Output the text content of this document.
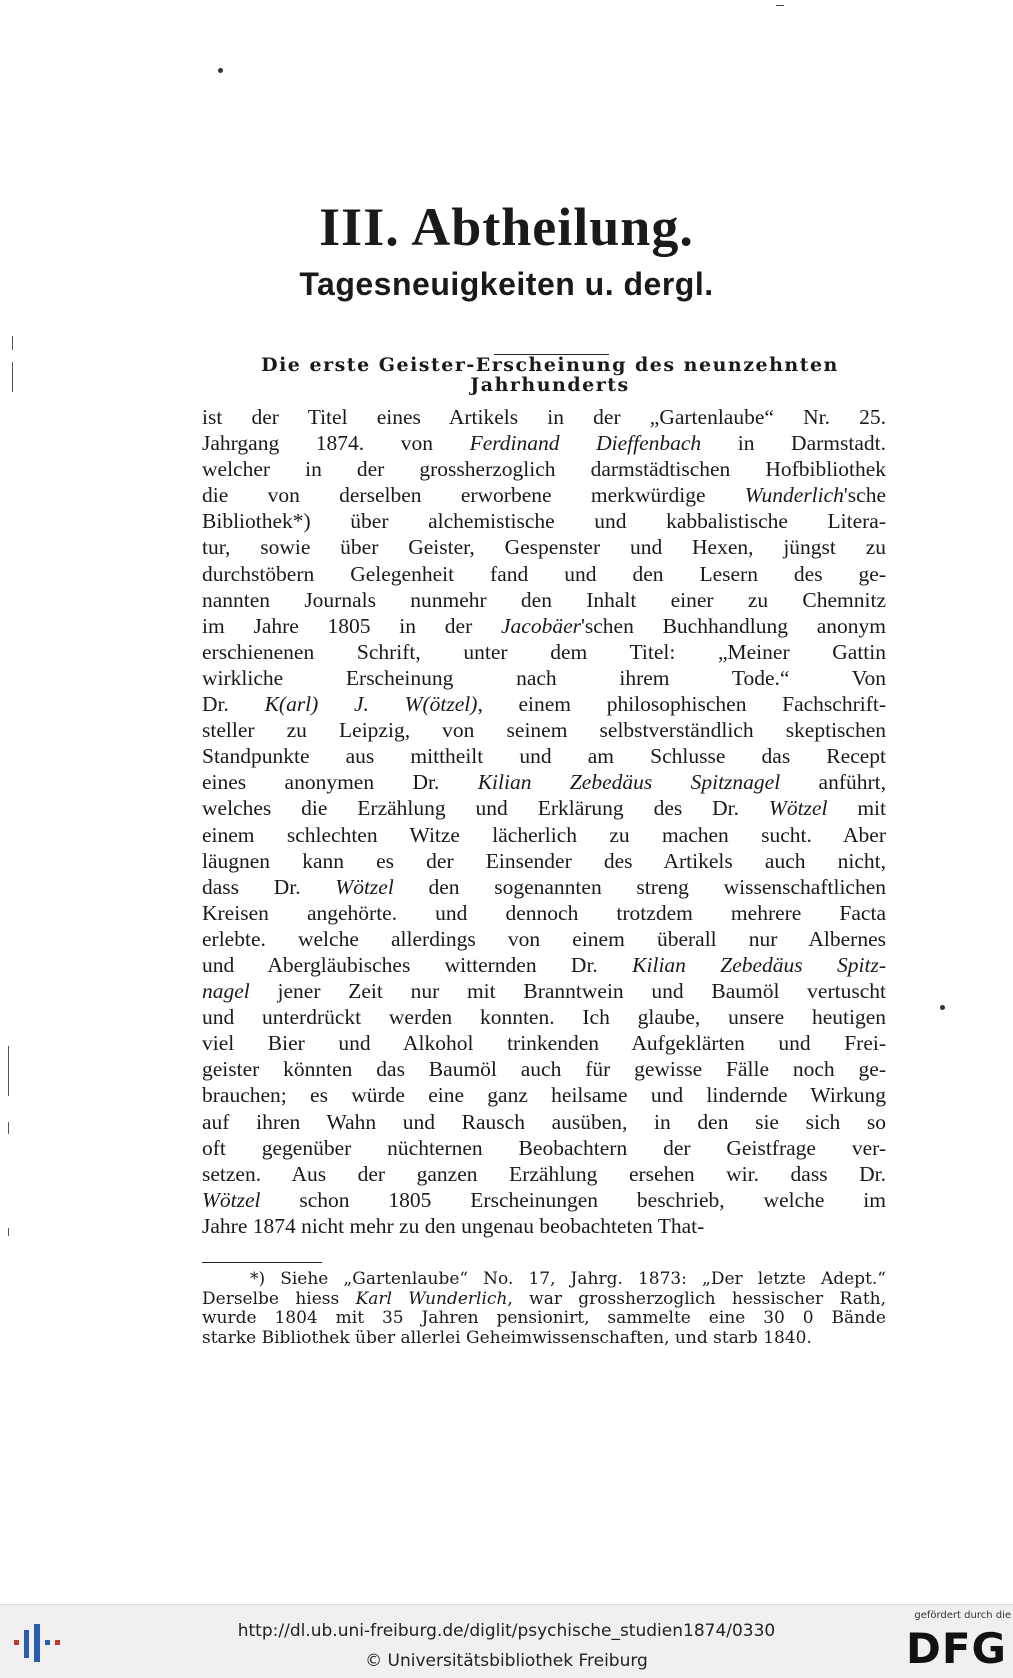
III. Abtheilung.
Tagesneuigkeiten u. dergl.
Die erste Geister-Erscheinung des neunzehnten
Jahrhunderts
ist der Titel eines Artikels in der „Gartenlaube“ Nr. 25.
Jahrgang 1874. von Ferdinand Dieffenbach in Darmstadt.
welcher in der grossherzoglich darmstädtischen Hofbibliothek
die von derselben erworbene merkwürdige Wunderlich'sche
Bibliothek*) über alchemistische und kabbalistische Litera-
tur, sowie über Geister, Gespenster und Hexen, jüngst zu
durchstöbern Gelegenheit fand und den Lesern des ge-
nannten Journals nunmehr den Inhalt einer zu Chemnitz
im Jahre 1805 in der Jacobäer'schen Buchhandlung anonym
erschienenen Schrift, unter dem Titel: „Meiner Gattin
wirkliche Erscheinung nach ihrem Tode.“ Von
Dr. K(arl) J. W(ötzel), einem philosophischen Fachschrift-
steller zu Leipzig, von seinem selbstverständlich skeptischen
Standpunkte aus mittheilt und am Schlusse das Recept
eines anonymen Dr. Kilian Zebedäus Spitznagel anführt,
welches die Erzählung und Erklärung des Dr. Wötzel mit
einem schlechten Witze lächerlich zu machen sucht. Aber
läugnen kann es der Einsender des Artikels auch nicht,
dass Dr. Wötzel den sogenannten streng wissenschaftlichen
Kreisen angehörte. und dennoch trotzdem mehrere Facta
erlebte. welche allerdings von einem überall nur Albernes
und Abergläubisches witternden Dr. Kilian Zebedäus Spitz-
nagel jener Zeit nur mit Branntwein und Baumöl vertuscht
und unterdrückt werden konnten. Ich glaube, unsere heutigen
viel Bier und Alkohol trinkenden Aufgeklärten und Frei-
geister könnten das Baumöl auch für gewisse Fälle noch ge-
brauchen; es würde eine ganz heilsame und lindernde Wirkung
auf ihren Wahn und Rausch ausüben, in den sie sich so
oft gegenüber nüchternen Beobachtern der Geistfrage ver-
setzen. Aus der ganzen Erzählung ersehen wir. dass Dr.
Wötzel schon 1805 Erscheinungen beschrieb, welche im
Jahre 1874 nicht mehr zu den ungenau beobachteten That-
*) Siehe „Gartenlaube“ No. 17, Jahrg. 1873: „Der letzte Adept.“
Derselbe hiess Karl Wunderlich, war grossherzoglich hessischer Rath,
wurde 1804 mit 35 Jahren pensionirt, sammelte eine 30 0 Bände
starke Bibliothek über allerlei Geheimwissenschaften, und starb 1840.
http://dl.ub.uni-freiburg.de/diglit/psychische_studien1874/0330
© Universitätsbibliothek Freiburg
gefördert durch die
DFG
